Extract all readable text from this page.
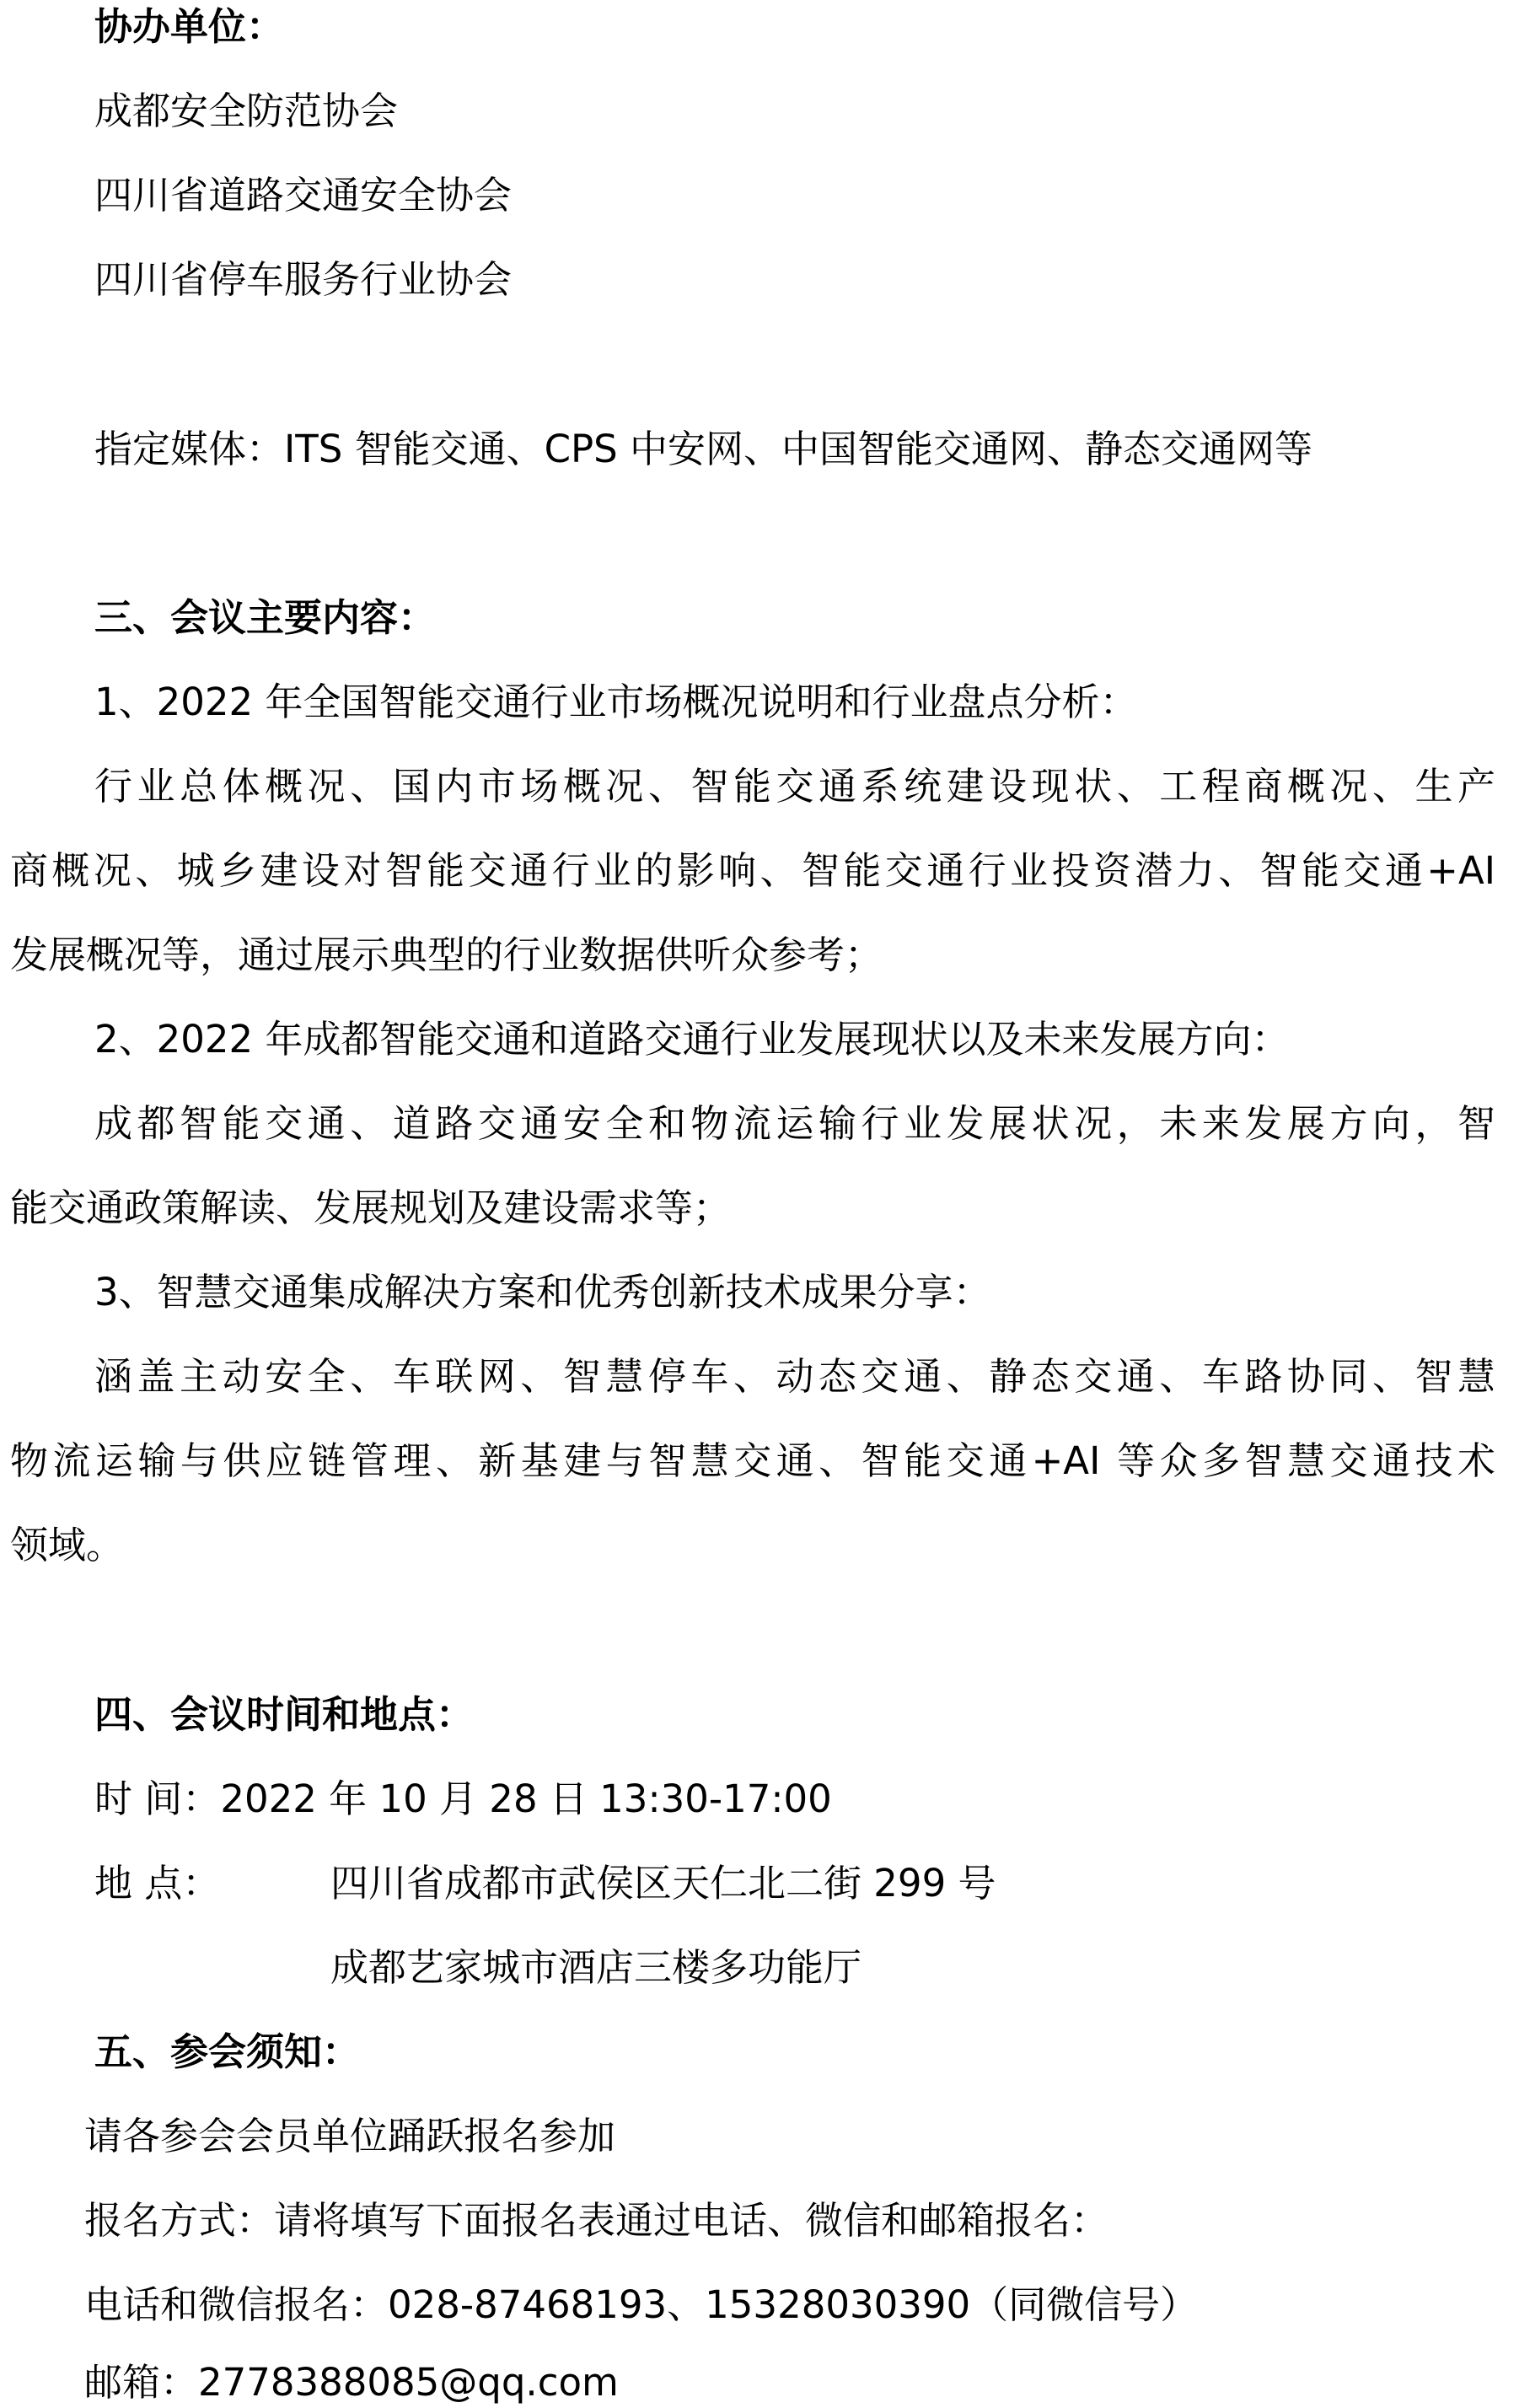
协办单位：
成都安全防范协会
四川省道路交通安全协会
四川省停车服务行业协会
指定媒体：ITS 智能交通、CPS 中安网、中国智能交通网、静态交通网等
三、会议主要内容：
1、2022 年全国智能交通行业市场概况说明和行业盘点分析：
行业总体概况、国内市场概况、智能交通系统建设现状、工程商概况、生产
商概况、城乡建设对智能交通行业的影响、智能交通行业投资潜力、智能交通+AI
发展概况等，通过展示典型的行业数据供听众参考；
2、2022 年成都智能交通和道路交通行业发展现状以及未来发展方向：
成都智能交通、道路交通安全和物流运输行业发展状况，未来发展方向，智
能交通政策解读、发展规划及建设需求等；
3、智慧交通集成解决方案和优秀创新技术成果分享：
涵盖主动安全、车联网、智慧停车、动态交通、静态交通、车路协同、智慧
物流运输与供应链管理、新基建与智慧交通、智能交通+AI 等众多智慧交通技术
领域。
四、会议时间和地点：
时 间：2022 年 10 月 28 日 13:30-17:00
地 点：	四川省成都市武侯区天仁北二街 299 号
成都艺家城市酒店三楼多功能厅
五、参会须知：
请各参会会员单位踊跃报名参加
报名方式：请将填写下面报名表通过电话、微信和邮箱报名：
电话和微信报名：028-87468193、15328030390（同微信号）
邮箱：2778388085@qq.com
